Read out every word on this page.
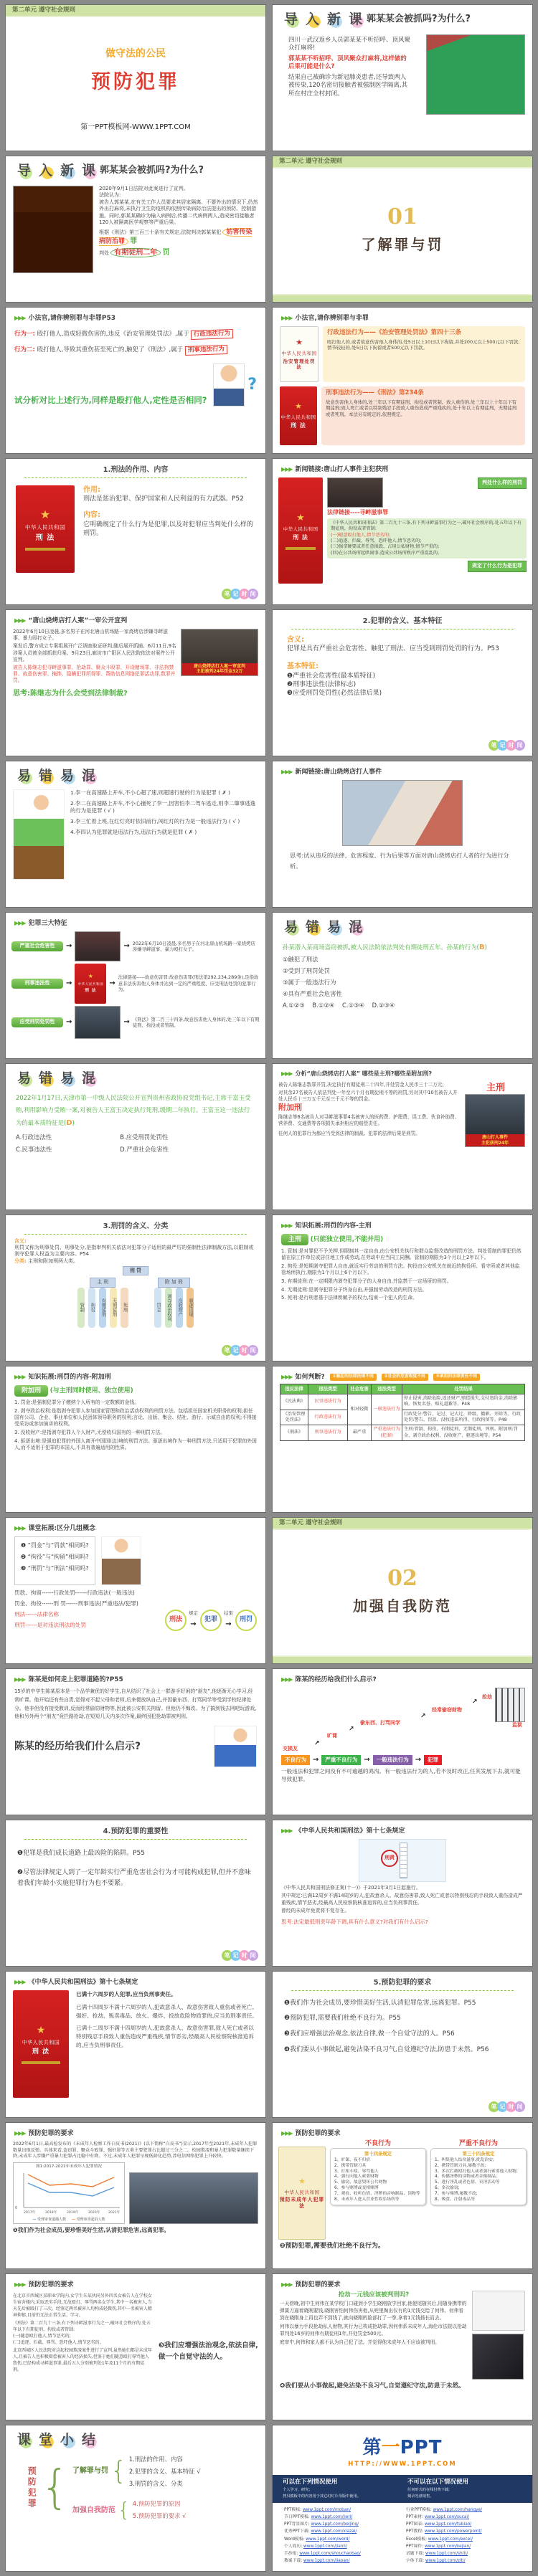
第二单元 遵守社会规则
做守法的公民
预防犯罪
第一PPT模板网-WWW.1PPT.COM
导 入 新 课 郭某某会被抓吗?为什么?
四川一武汉返乡人员郭某某不听招呼、顶风聚众打麻将!
郭某某不听招呼、顶风聚众打麻将,这样做的后果可能是什么?
结果自己被确诊为新冠肺炎患者,还导致两人被传染,120名密切接触者被强制医学隔离,其所在村庄全村封闭。
导 入 新 课 郭某某会被抓吗?为什么?
2020年9月1日法院对此案进行了宣判。
法院认为:
被告人郭某某,在有关工作人员要求其居家隔离、不要外出的情况下,仍然外出打麻将,未执行卫生防疫机构依照传染病防治法提出的预防、控制措施。同时,郭某某确诊为输入病例后,传播二代病例两人,造成密切接触者120人被隔离医学观察等严重后果。
根据《刑法》第三百三十条有关规定,法院判决郭某某犯 妨害传染病防治罪 罪
判处 有期徒刑二年 罚
第二单元 遵守社会规则
01
了解罪与罚
▶▶▶ 小法官,请你辨别罪与非罪P53
行为一: 殴打他人,造成轻微伤害的,违反《治安管理处罚法》,属于 行政违法行为
行为二: 殴打他人,导致其重伤甚至死亡的,触犯了《刑法》,属于 刑事违法行为
试分析对比上述行为,同样是殴打他人,定性是否相同?
?
▶▶▶ 小法官,请你辨别罪与非罪
★
中华人民共和国
治安管理处罚法
行政违法行为——《治安管理处罚法》第四十三条
殴打他人的,或者故意伤害他人身体的,处5日以上10日以下拘留,并处200元以上500元以下罚款;情节较轻的,处5日以下拘留或者500元以下罚款。
★
中华人民共和国
刑 法
刑事违法行为——《刑法》第234条
故意伤害他人身体的,处三年以下有期徒刑、拘役或者管制。致人重伤的,处三年以上十年以下有期徒刑;致人死亡或者以特别残忍手段致人重伤造成严重残疾的,处十年以上有期徒刑、无期徒刑或者死刑。本法另有规定的,依照规定。
1.刑法的作用、内容
★
中华人民共和国
刑 法
作用:
刑法是惩治犯罪、保护国家和人民利益的有力武器。P52
内容:
它明确规定了什么行为是犯罪,以及对犯罪应当判处什么样的刑罚。
笔 记 时 间
▶▶▶ 新闻链接:唐山打人事件主犯获刑
★
中华人民共和国
刑 法
判处什么样的刑罚
法律链接----寻衅滋事罪
《中华人民共和国刑法》第二百九十三条,有下列寻衅滋事行为之一,破坏社会秩序的,处五年以下有期徒刑、拘役或者管制:
(一)随意殴打他人,情节恶劣的;
(二)追逐、拦截、辱骂、恐吓他人,情节恶劣的;
(三)强拿硬要或者任意损毁、占用公私财物,情节严重的;
(四)在公共场所起哄闹事,造成公共场所秩序严重混乱的。
规定了什么行为是犯罪
▶▶▶ “唐山烧烤店打人案”一审公开宣判
唐山烧烤店打人案一审宣判
主犯被判24年罚金32万
2022年6月10日凌晨,多名男子在河北唐山机场路一家烧烤店涉嫌寻衅滋事、暴力殴打女子。
案发后,警方成立专案组展开广泛调查取证研判,随后展开抓捕。6月11日,9名涉案人员被全部抓获归案。9月23日,廊坊市广阳区人民法院依法对案件公开宣判。
被告人陈继志犯寻衅滋事罪、抢劫罪、聚众斗殴罪、开设赌场罪、非法拘禁罪、故意伤害罪、掩饰、隐瞒犯罪所得罪、帮助信息网络犯罪活动罪,数罪并罚。
思考:陈继志为什么会受到法律制裁?
2.犯罪的含义、基本特征
含义:
犯罪是具有严重社会危害性、触犯了刑法、应当受到刑罚处罚的行为。P53
基本特征:
❶严重社会危害性(最本质特征)
❷刑事违法性(法律标志)
❸应受刑罚处罚性(必然法律后果)
笔 记 时 间
易 错 易 混
1.李一在高速路上开车,不小心超了速,则超速行驶的行为是犯罪 ( ✗ )
2.李二在高速路上开车,不小心撞死了李一,因害怕李二驾车逃走,则李二肇事逃逸的行为是犯罪 ( √ )
3.李三忙着上班,在红灯亮时依旧前行,闯红灯的行为是一般违法行为 ( √ )
4.李四认为犯罪就是违法行为,违法行为就是犯罪 ( ✗ )
▶▶▶ 新闻链接:唐山烧烤店打人事件
思考:试从违反的法律、危害程度、行为后果等方面对唐山烧烤店打人者的行为进行分析。
▶▶▶ 犯罪三大特征
严重社会危害性	→	→ 2022年6月10日凌晨,多名男子在河北唐山机场路一家烧烤店涉嫌寻衅滋事、暴力殴打女子。
刑事违法性	→
★
中华人民共和国
刑 法
→
法律链接-----故意伤害罪:故意伤害罪(刑法第292,234,289条),是指故意非法伤害他人身体并达到一定的严重程度、应受刑法处罚的犯罪行为。
应受刑罚处罚性	→	→ 《刑法》第二百三十四条,故意伤害他人身体的,处三年以下有期徒刑、拘役或者管制。
易 错 易 混
孙某潜入某商场盗窃被抓,被人民法院依法判处有期徒刑五年。孙某的行为(B)
①触犯了刑法
②受到了刑罚处罚
③属于一般违法行为
④具有严重社会危害性
A.①②③    B.①②④    C.①③④    D.②③④
易 错 易 混
2022年1月17日,天津市第一中级人民法院公开宣判贵州省政协原党组书记,主席干富玉受贿,利用影响力受贿一案,对被告人王富玉决定执行死刑,缓期二年执行。王富玉这一违法行为的最本质特征是(D)
A.行政违法性	B.应受刑罚处罚性
C.民事违法性	D.严重社会危害性
▶▶▶ 分析“唐山烧烤店打人案” 哪些是主刑?哪些是附加刑?
被告人陈继志数罪并罚,决定执行有期徒刑二十四年,并处罚金人民币三十二万元;
对其余27名被告人依法判处一年至六个月有期徒刑不等的刑罚,另对其中10名被告人并处人民币十三万五千元至三千元不等的罚金。
附加刑
陈继志等6名被告人对寻衅滋事罪4名被害人的医药费、护理费、误工费、伙食补助费、营养费、交通费等各项损失承担相应的赔偿责任。
任何人的犯罪行为都应当受到法律的制裁。犯罪的法律后果是刑罚。
主刑
唐山打人事件
主犯获刑24年
3.刑罚的含义、分类
含义:
刑罚又称为刑事处罚、刑事处分,是指审判机关依法对犯罪分子适用的最严厉的强制性法律制裁方法,以限制或剥夺犯罪人权益为主要内容。P54
分类: 主刑和附加刑两大类。
刑 罚
主 刑
管制 拘役 有期徒刑 无期徒刑 死刑
附 加 刑
罚金 剥夺政治权利 没收财产 驱逐出境
笔 记 时 间
▶▶▶ 知识拓展:刑罚的内容-主刑
主刑 (只能独立使用,不能并用)
1. 管制:是对罪犯不予关押,但限制其一定自由,由公安机关执行和群众监督改造的刑罚方法。判处管制的罪犯仍然留在原工作单位或居住地工作或劳动,在劳动中应当同工同酬。管制的期限为3个月以上2年以下。
2. 拘役:是短期剥夺犯罪人自由,就近实行劳动的刑罚方法。拘役由公安机关在就近的拘役所、看守所或者其他监管场所执行,期限为1个月以上6个月以下。
3. 有期徒刑:在一定期限内剥夺犯罪分子的人身自由,并监禁于一定场所的刑罚。
4. 无期徒刑:是剥夺犯罪分子终身自由,并强制劳动改造的刑罚方法。
5. 死刑:是行刑者基于法律所赋予的权力,结束一个犯人的生命。
▶▶▶ 知识拓展:刑罚的内容-附加刑
附加刑 (与主刑同时使用、独立使用)
1. 罚金:是强制犯罪分子缴纳个人所有的一定数额的金钱。
2. 剥夺政治权利:是指剥夺犯罪人参加国家管理和政治活动权利的刑罚方法。包括担任国家机关职务的权利;担任国有公司、企业、事业单位和人民团体领导职务的权利;言论、出版、集会、结社、游行、示威自由的权利;不得接受采访或参加演讲的权利。
3. 没收财产:是指剥夺犯罪人个人财产,无偿收归国有的一种刑罚方法。
4. 驱逐出境:是强迫犯罪的外国人离开中国国(边)境的刑罚方法。驱逐出境作为一种刑罚方法,只适用于犯罪的外国人,而不适用于犯罪的本国人,不具有普遍适用的性质。
▶▶▶ 如何判断?	①触犯的法律法规不同	②社会的危害程度不同	③承担的法律责任不同
违反法律	违法类型	社会危害	违法类型	处罚结果
《民法典》	民事违法行为	相对轻微	一般违法行为	停止侵害,消除危险,返还财产,赔偿损失,支付违约金,消除影响、恢复名誉、赔礼道歉等。P48
《治安管理处罚法》	行政违法行为			行政处分:警告、记过、记大过、降级、撤职、开除等。行政处罚:警告、罚款、没收违法所得、行政拘留等。P48
《刑法》	刑事违法行为	最严重	严重违法行为(犯罪)	主刑:管制、拘役、有期徒刑、无期徒刑、死刑。附加刑:罚金、剥夺政治权利、没收财产、驱逐出境等。P54
▶▶▶ 课堂拓展:区分几组概念
❶ “罚金”与“罚款”相同吗?
❷ “拘役”与“拘留”相同吗?
❸ “刑罚”与“刑法”相同吗?
罚款、拘留------行政处罚------行政违法(一般违法)
罚金、拘役------刑 罚------刑事违法(严重违法/犯罪)
刑法------法律名称
刑罚------是对违法刑法的处罚
刑法
规定
→
犯罪
结果
→
刑罚
第二单元 遵守社会规则
02
加强自我防范
▶▶▶ 陈某是如何走上犯罪道路的?P55
15岁的中学生陈某原本是一个品学兼优的好学生,自从结识了社会上一群游手好闲的“朋友”,他逐渐无心学习,经常旷课。他开始还有些自责,觉得对不起父母和老师,后来便放纵自己,并因偷东西、打骂同学等受到学校纪律处分。他非但没有接受教训,反而经常偷窃财物等,因此被公安机关拘留。但他仍不悔改。为了搞到钱去网吧玩游戏,他和另外两个“朋友”竟拦路抢劫,在短短几天内多次作案,最终因犯抢劫罪被判刑。
陈某的经历给我们什么启示?
▶▶▶ 陈某的经历给我们什么启示?
交损友
↗
旷课
↗
偷东西、打骂同学
↗
经常偷窃财物
↗
抢劫
监狱
不良行为 →	严重不良行为 →	一般违法行为 →	犯罪
一般违法和犯罪之间没有不可逾越的鸿沟。有一般违法行为的人,若不及时改正,任其发展下去,就可能导致犯罪。
4.预防犯罪的重要性
❶犯罪是我们成长道路上最凶险的陷阱。P55
❷尽管法律规定人到了一定年龄实行严重危害社会行为才可能构成犯罪,但并不意味着我们年龄小实施犯罪行为也不要紧。
笔 记 时 间
▶▶▶ 《中华人民共和国刑法》第十七条规定
刑责
《中华人民共和国刑法修正案(十一)》于2021年3月1日起施行。
其中规定:已满12周岁不满14周岁的人,犯故意杀人、故意伤害罪,致人死亡或者以特别残忍的手段致人重伤造成严重残疾,情节恶劣,经最高人民检察院核准追诉的,应当负刑事责任。
曾经的未成年免责将不复存在。
思考:法定最低刑责年龄下调,具有什么意义?对我们有什么启示?
▶▶▶ 《中华人民共和国刑法》第十七条规定
★
中华人民共和国
刑 法
已满十六周岁的人犯罪,应当负刑事责任。
已满十四周岁不满十六周岁的人,犯故意杀人、故意伤害致人重伤或者死亡、强奸、抢劫、贩卖毒品、放火、爆炸、投放危险物质罪的,应当负刑事责任。
已满十二周岁不满十四周岁的人,犯故意杀人、故意伤害罪,致人死亡或者以特别残忍手段致人重伤造成严重残疾,情节恶劣,经最高人民检察院核准追诉的,应当负刑事责任。
5.预防犯罪的要求
❶我们作为社会成员,要珍惜美好生活,认清犯罪危害,远离犯罪。P55
❷预防犯罪,需要我们杜绝不良行为。P55
❸我们应增强法治观念,依法自律,做一个自觉守法的人。P56
❹我们要从小事做起,避免沾染不良习气,自觉遵纪守法,防患于未然。P56
笔 记 时 间
▶▶▶ 预防犯罪的要求
2022年6月1日,最高检发布的《未成年人检察工作白皮书(2021)》(以下简称“白皮书”)显示,2017年至2021年,未成年人犯罪数量出现反弹。具体来看,盗窃罪、聚众斗殴罪、强奸罪等五类主要犯罪占比超过三分之二。校园欺凌和暴力犯罪数量继续下降,未成年人涉嫌严重暴力犯罪占比稳中有降。不过,未成年人犯罪呈现低龄化趋势,涉电信网络犯罪上升较快。
图1:2017-2021年未成年人犯罪情况
0
2017年	2018年	2019年	2020年	2021年
— 受理审查逮捕人数 — 受理审查起诉人数
❶我们作为社会成员,要珍惜美好生活,认清犯罪危害,远离犯罪。
▶▶▶ 预防犯罪的要求
★
中华人民共和国
预防未成年人犯罪法
不良行为
第十四条规定
1、旷课、夜不归宿
2、携带管制刀具
3、打架斗殴、辱骂他人
4、强行向他人索要财物
5、偷窃、故意毁坏公共财物
6、参与赌博或变相赌博
7、观看、收听色情、淫秽的音响制品、读物等
8、未成年人进入营业性娱乐场所等
严重不良行为
第三十四条规定
1、纠集他人结伙滋事,扰乱治安;
2、携带管制刀具,屡教不改;
3、多次拦截殴打他人或者强行索要他人财物;
4、传播淫秽的读物或者音像制品;
5、进行淫乱或者色情、卖淫活动等
6、多次偷窃;
7、参与赌博,屡教不改;
8、吸食、注射毒品等
❷预防犯罪,需要我们杜绝不良行为。
▶▶▶ 预防犯罪的要求
在北京市西城区某职业学院内,女学生朱某伙同另外四名女被告人在学校女生宿舍楼内,采取恶劣手段,无故殴打、辱骂两名女学生,其中一名被害人,当天先后被殴打了三次。经鉴定两名被害人均构成轻微伤,其中一名被害人精神抑郁,目前仍无法正常生活、学习。
《刑法》第二百九十三条,有下列寻衅滋事行为之一,破坏社会秩序的,处五年以下有期徒刑、拘役或者管制:
(一)随意殴打他人,情节恶劣的;
(二)追逐、拦截、辱骂、恐吓他人,情节恶劣的。
北京西城区人民法院对这起校园欺凌案件进行了宣判,虽然她们都是未成年人,且被告人也积极赔偿被害人的经济损失,但鉴于她们随意殴打辱骂他人致伤,已经构成寻衅滋事罪,最后五人分别被判处1年及11个月的有期徒刑。
❸我们应增强法治观念,依法自律,做一个自觉守法的人。
▶▶▶ 预防犯罪的要求
抢劫一元钱应该被判刑吗?
一天傍晚,初中生何伟在某学校门口碰到小学生晓刚放学回家,他便尾随其后,用随身携带的弹簧刀逼着晓刚要钱,晓刚害怕何伟伤害他,从兜里掏出仅有的1元钱交给了何伟。何伟看到在晓刚身上再也弄不到钱了,就向晓刚的脸部打了一拳,拿着1元钱扬长而去。
何伟以暴力手段抢劫私人财物,其行为已构成抢劫罪,因何伟系未成年人,海伦市法院以抢劫罪判处16岁的何伟有期徒刑1年,并处罚金500元。
庭审中,何伟和家人都不认为自己犯了法。并觉得他未成年人不应该被判刑。
❹我们要从小事做起,避免沾染不良习气,自觉遵纪守法,防患于未然。
课 堂 小 结
预防犯罪 { 了解罪与罚 { 1.刑法的作用、内容
2.犯罪的含义、基本特征 √
3.刑罚的含义、分类
加强自我防范 { 4.预防犯罪的原因
5.预防犯罪的要求 √
第一PPT
HTTP://WWW.1PPT.COM
可以在下列情况使用
个人学习、研究;
拷贝模板中的内容用于其它幻灯片母版中使用。
不可以在以下情况使用
任何形式的在线付费下载;
刻录光盘销售。
PPT模板: www.1ppt.com/moban/
节日PPT模板: www.1ppt.com/jieri/
PPT背景图片: www.1ppt.com/beijing/
优秀PPT下载: www.1ppt.com/xiazai/
Word模板: www.1ppt.com/word/
个人简历: www.1ppt.com/jianli/
手抄报: www.1ppt.com/shouchaobao/
教案下载: www.1ppt.com/jiaoan/
行业PPT模板: www.1ppt.com/hangye/
PPT素材: www.1ppt.com/sucai/
PPT图表: www.1ppt.com/tubiao/
PPT教程: www.1ppt.com/powerpoint/
Excel模板: www.1ppt.com/excel/
PPT课件: www.1ppt.com/kejian/
试题下载: www.1ppt.com/shiti/
字体下载: www.1ppt.com/ziti/
